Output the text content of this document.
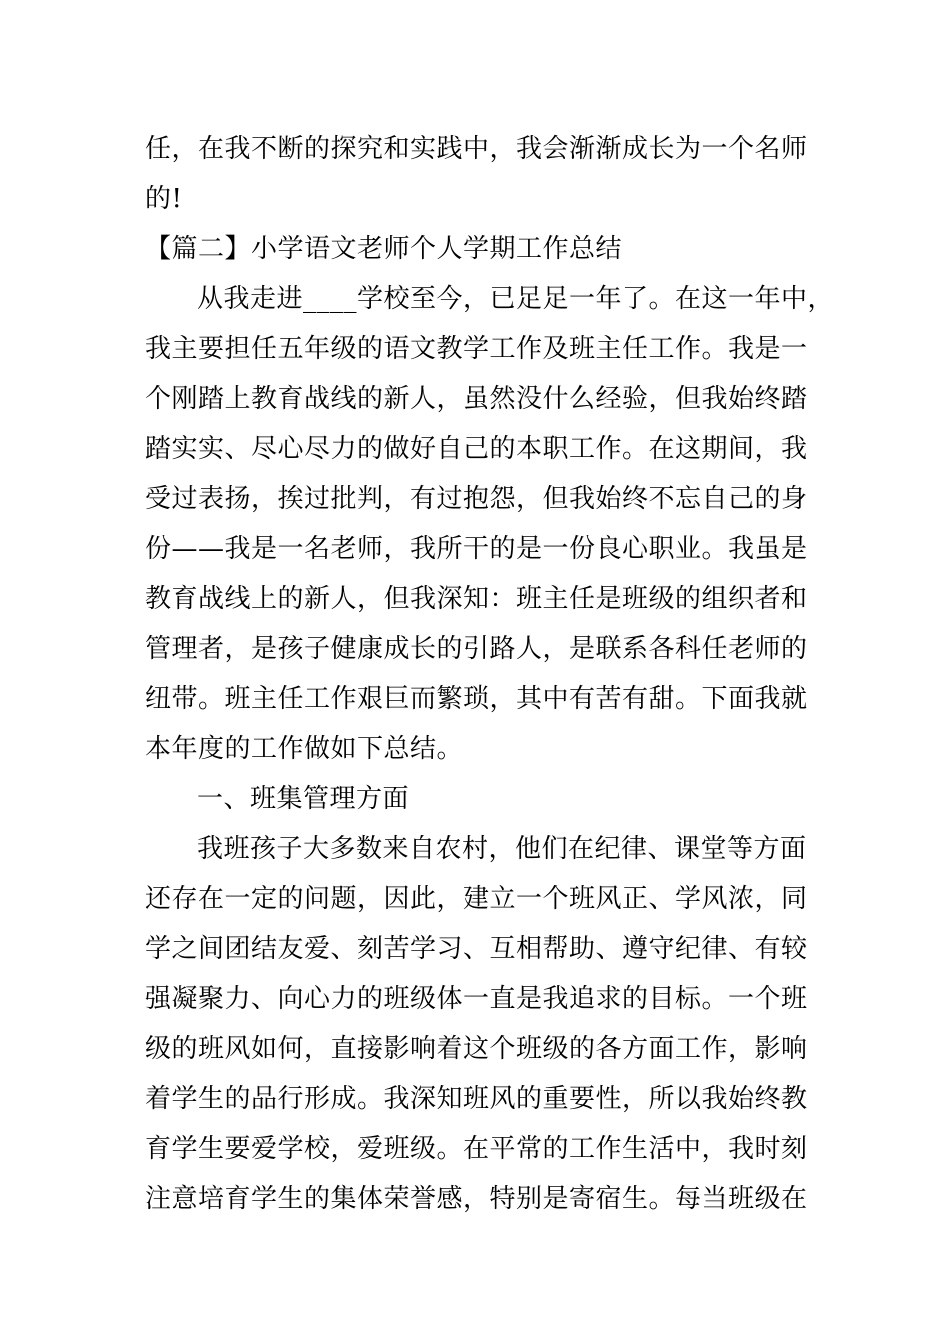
任，在我不断的探究和实践中，我会渐渐成长为一个名师
的!
【篇二】小学语文老师个人学期工作总结
从我走进____学校至今，已足足一年了。在这一年中，
我主要担任五年级的语文教学工作及班主任工作。我是一
个刚踏上教育战线的新人，虽然没什么经验，但我始终踏
踏实实、尽心尽力的做好自己的本职工作。在这期间，我
受过表扬，挨过批判，有过抱怨，但我始终不忘自己的身
份——我是一名老师，我所干的是一份良心职业。我虽是
教育战线上的新人，但我深知：班主任是班级的组织者和
管理者，是孩子健康成长的引路人，是联系各科任老师的
纽带。班主任工作艰巨而繁琐，其中有苦有甜。下面我就
本年度的工作做如下总结。
一、班集管理方面
我班孩子大多数来自农村，他们在纪律、课堂等方面
还存在一定的问题，因此，建立一个班风正、学风浓，同
学之间团结友爱、刻苦学习、互相帮助、遵守纪律、有较
强凝聚力、向心力的班级体一直是我追求的目标。一个班
级的班风如何，直接影响着这个班级的各方面工作，影响
着学生的品行形成。我深知班风的重要性，所以我始终教
育学生要爱学校，爱班级。在平常的工作生活中，我时刻
注意培育学生的集体荣誉感，特别是寄宿生。每当班级在
